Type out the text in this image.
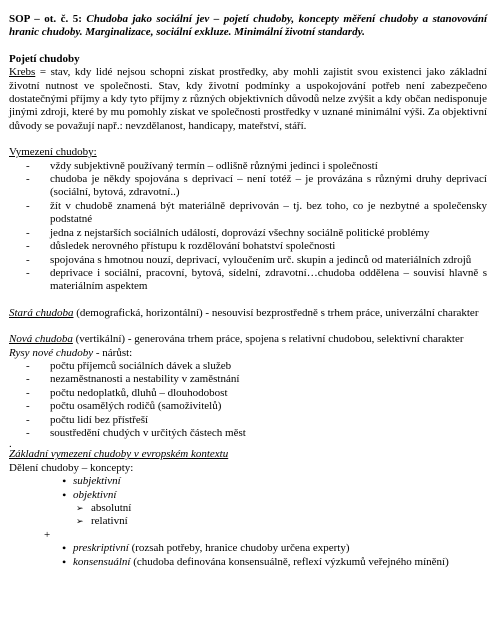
SOP – ot. č. 5: Chudoba jako sociální jev – pojetí chudoby, koncepty měření chudoby a stanovování hranic chudoby. Marginalizace, sociální exkluze. Minimální životní standardy.
Pojetí chudoby

Krebs = stav, kdy lidé nejsou schopni získat prostředky, aby mohli zajistit svou existenci jako základní životní nutnost ve společnosti. Stav, kdy životní podmínky a uspokojování potřeb není zabezpečeno dostatečnými příjmy a kdy tyto příjmy z různých objektivních důvodů nelze zvýšit a kdy občan nedisponuje jinými zdroji, které by mu pomohly získat ve společnosti prostředky v uznané minimální výši. Za objektivní důvody se považují např.: nevzdělanost, handicapy, mateřství, stáří.

Vymezení chudoby:
- vždy subjektivně používaný termín – odlišně různými jedinci i společností
- chudoba je někdy spojována s deprivací – není totéž – je provázána s různými druhy deprivací (sociální, bytová, zdravotní..)
- žít v chudobě znamená být materiálně deprivován – tj. bez toho, co je nezbytné a společensky podstatné
- jedna z nejstarších sociálních událostí, doprovází všechny sociálně politické problémy
- důsledek nerovného přístupu k rozdělování bohatství společnosti
- spojována s hmotnou nouzí, deprivací, vyloučením urč. skupin a jedinců od materiálních zdrojů
- deprivace i sociální, pracovní, bytová, sídelní, zdravotní…chudoba oddělena – souvisí hlavně s materiálním aspektem

Stará chudoba (demografická, horizontální) - nesouvisí bezprostředně s trhem práce, univerzální charakter

Nová chudoba (vertikální) - generována trhem práce, spojena s relativní chudobou, selektivní charakter

Rysy nové chudoby - nárůst:
- počtu příjemců sociálních dávek a služeb
- nezaměstnanosti a nestability v zaměstnání
- počtu nedoplatků, dluhů – dlouhodobost
- počtu osamělých rodičů (samoživitelů)
- počtu lidí bez přístřeší
- soustředění chudých v určitých částech měst
.
Základní vymezení chudoby v evropském kontextu
Dělení chudoby – koncepty:
• subjektivní
• objektivní
➢ absolutní
➢ relativní
+
• preskriptivní (rozsah potřeby, hranice chudoby určena experty)
• konsensuální (chudoba definována konsensuálně, reflexí výzkumů veřejného mínění)
